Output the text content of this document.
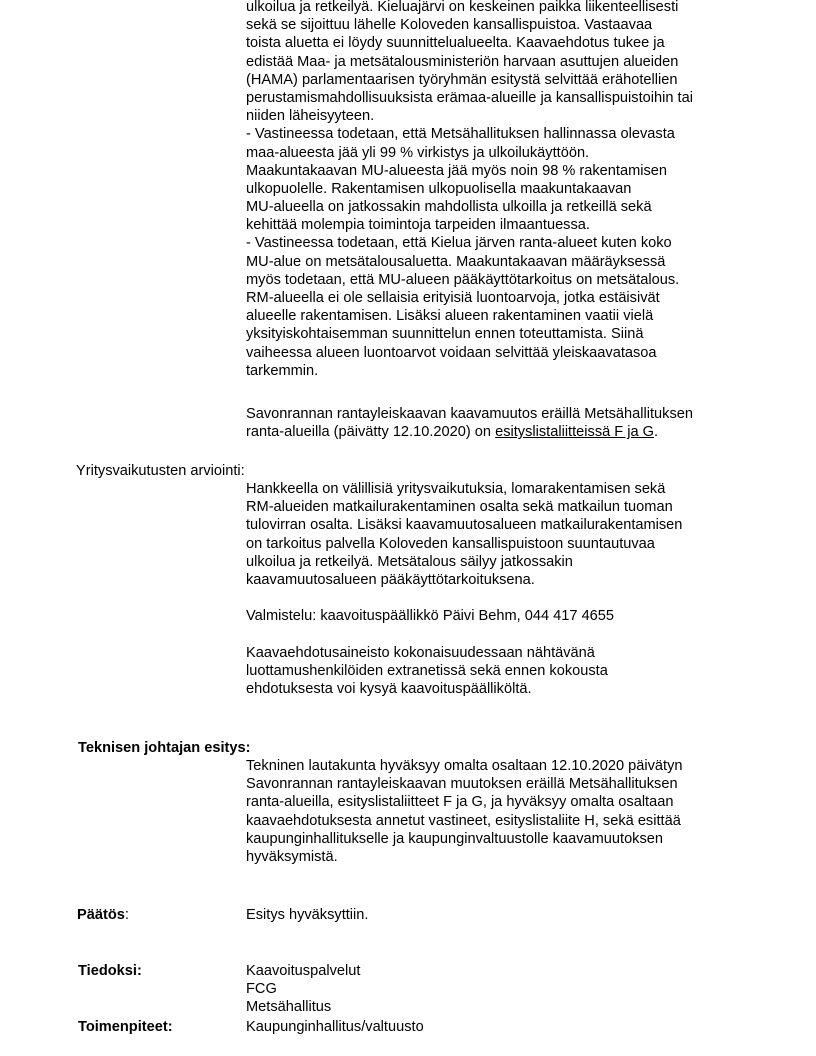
ulkoilua ja retkeilyä. Kieluajärvi on keskeinen paikka liikenteellisesti
sekä se sijoittuu lähelle Koloveden kansallispuistoa. Vastaavaa
toista aluetta ei löydy suunnittelualueelta. Kaavaehdotus tukee ja
edistää Maa- ja metsätalousministeriön harvaan asuttujen alueiden
(HAMA) parlamentaarisen työryhmän esitystä selvittää erähotellien
perustamismahdollisuuksista erämaa-alueille ja kansallispuistoihin tai
niiden läheisyyteen.
- Vastineessa todetaan, että Metsähallituksen hallinnassa olevasta
maa-alueesta jää yli 99 % virkistys ja ulkoilukäyttöön.
Maakuntakaavan MU-alueesta jää myös noin 98 % rakentamisen
ulkopuolelle. Rakentamisen ulkopuolisella maakuntakaavan
MU-alueella on jatkossakin mahdollista ulkoilla ja retkeillä sekä
kehittää molempia toimintoja tarpeiden ilmaantuessa.
- Vastineessa todetaan, että Kielua järven ranta-alueet kuten koko
MU-alue on metsätalousaluetta. Maakuntakaavan määräyksessä
myös todetaan, että MU-alueen pääkäyttötarkoitus on metsätalous.
RM-alueella ei ole sellaisia erityisiä luontoarvoja, jotka estäisivät
alueelle rakentamisen. Lisäksi alueen rakentaminen vaatii vielä
yksityiskohtaisemman suunnittelun ennen toteuttamista. Siinä
vaiheessa alueen luontoarvot voidaan selvittää yleiskaavatasoa
tarkemmin.
Savonrannan rantayleiskaavan kaavamuutos eräillä Metsähallituksen
ranta-alueilla (päivätty 12.10.2020) on esityslistaliitteissä F ja G.
Yritysvaikutusten arviointi:
Hankkeella on välillisiä yritysvaikutuksia, lomarakentamisen sekä
RM-alueiden matkailurakentaminen osalta sekä matkailun tuoman
tulovirran osalta. Lisäksi kaavamuutosalueen matkailurakentamisen
on tarkoitus palvella Koloveden kansallispuistoon suuntautuvaa
ulkoilua ja retkeilyä. Metsätalous säilyy jatkossakin
kaavamuutosalueen pääkäyttötarkoituksena.
Valmistelu: kaavoituspäällikkö Päivi Behm, 044 417 4655
Kaavaehdotusaineisto kokonaisuudessaan nähtävänä
luottamushenkilöiden extranetissä sekä ennen kokousta
ehdotuksesta voi kysyä kaavoituspäälliköltä.
Teknisen johtajan esitys:
Tekninen lautakunta hyväksyy omalta osaltaan 12.10.2020 päivätyn
Savonrannan rantayleiskaavan muutoksen eräillä Metsähallituksen
ranta-alueilla, esityslistaliitteet F ja G, ja hyväksyy omalta osaltaan
kaavaehdotuksesta annetut vastineet, esityslistaliite H, sekä esittää
kaupunginhallitukselle ja kaupunginvaltuustolle kaavamuutoksen
hyväksymistä.
Päätös:	Esitys hyväksyttiin.
Tiedoksi:	Kaavoituspalvelut
FCG
Metsähallitus
Toimenpiteet:	Kaupunginhallitus/valtuusto
